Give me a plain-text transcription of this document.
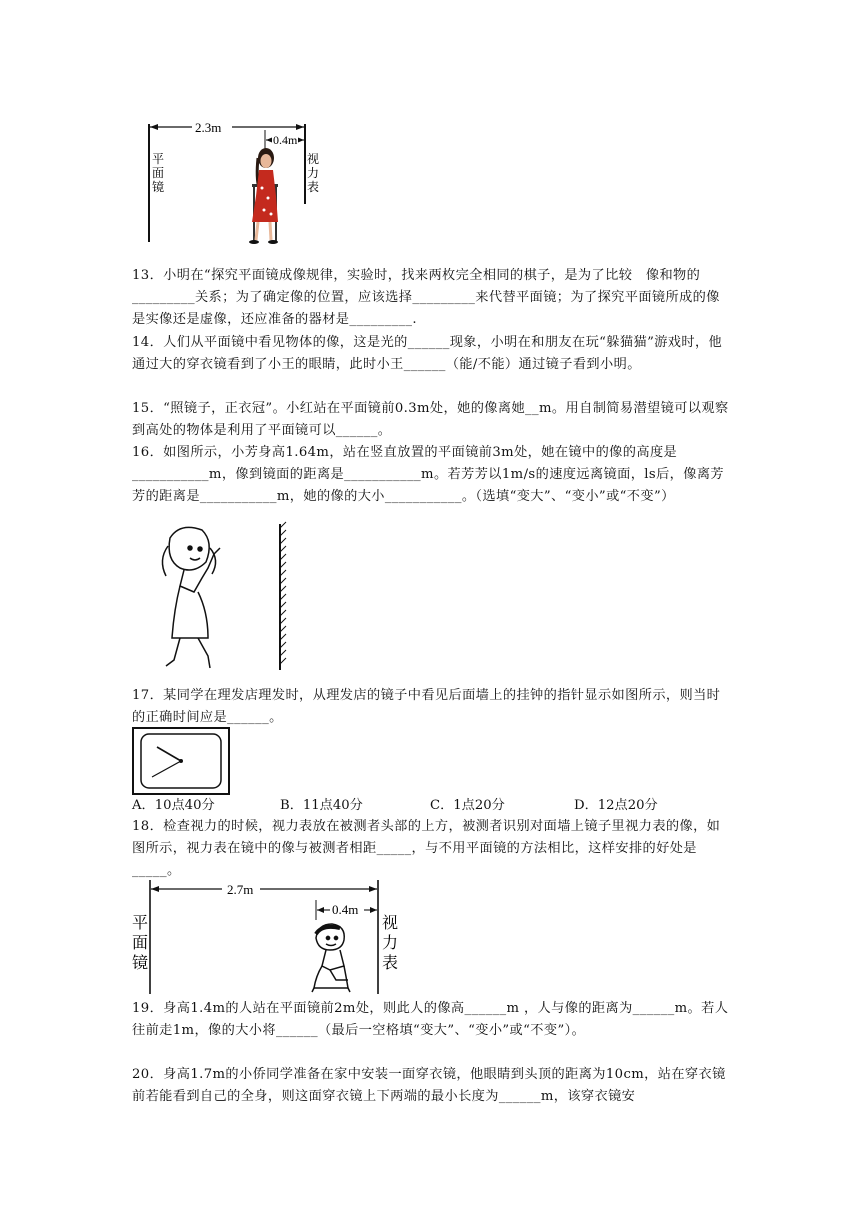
2.3m
0.4m
平
面
镜
视
力
表

13．小明在“探究平面镜成像规律，实验时，找来两枚完全相同的棋子，是为了比较　像和物的_________关系；为了确定像的位置，应该选择_________来代替平面镜；为了探究平面镜所成的像是实像还是虚像，还应准备的器材是_________.

14．人们从平面镜中看见物体的像，这是光的______现象，小明在和朋友在玩“躲猫猫”游戏时，他通过大的穿衣镜看到了小王的眼睛，此时小王______（能/不能）通过镜子看到小明。

15．“照镜子，正衣冠”。小红站在平面镜前0.3m处，她的像离她__m。用自制简易潜望镜可以观察到高处的物体是利用了平面镜可以______。

16．如图所示，小芳身高1.64m，站在竖直放置的平面镜前3m处，她在镜中的像的高度是___________m，像到镜面的距离是___________m。若芳芳以1m/s的速度远离镜面，ls后，像离芳芳的距离是___________m，她的像的大小___________。（选填“变大”、“变小”或“不变”）

17．某同学在理发店理发时，从理发店的镜子中看见后面墙上的挂钟的指针显示如图所示，则当时的正确时间应是______。

A．10点40分	B．11点40分	C．1点20分	D．12点20分

18．检查视力的时候，视力表放在被测者头部的上方，被测者识别对面墙上镜子里视力表的像，如图所示，视力表在镜中的像与被测者相距_____，与不用平面镜的方法相比，这样安排的好处是_____。

2.7m
0.4m
平
面
镜
视
力
表

19．身高1.4m的人站在平面镜前2m处，则此人的像高______m ，人与像的距离为______m。若人往前走1m，像的大小将______（最后一空格填“变大”、“变小”或“不变”）。

20．身高1.7m的小侨同学准备在家中安装一面穿衣镜，他眼睛到头顶的距离为10cm，站在穿衣镜前若能看到自己的全身，则这面穿衣镜上下两端的最小长度为______m，该穿衣镜安
